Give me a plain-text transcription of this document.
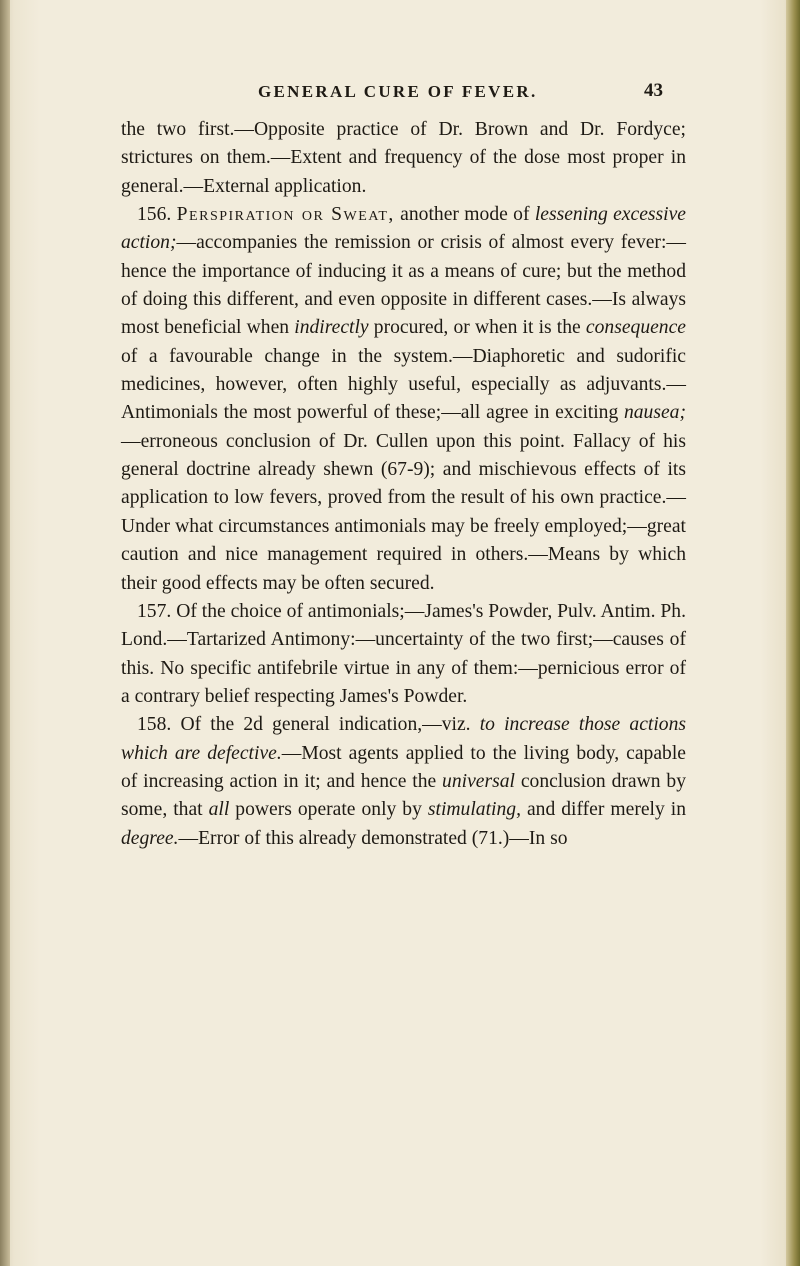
GENERAL CURE OF FEVER.	43

the two first.—Opposite practice of Dr. Brown and Dr. Fordyce; strictures on them.—Extent and frequency of the dose most proper in general.—External application.

156. Perspiration or Sweat, another mode of lessening excessive action;—accompanies the remission or crisis of almost every fever:—hence the importance of inducing it as a means of cure; but the method of doing this different, and even opposite in different cases.—Is always most beneficial when indirectly procured, or when it is the consequence of a favourable change in the system.—Diaphoretic and sudorific medicines, however, often highly useful, especially as adjuvants.—Antimonials the most powerful of these;—all agree in exciting nausea;—erroneous conclusion of Dr. Cullen upon this point. Fallacy of his general doctrine already shewn (67-9); and mischievous effects of its application to low fevers, proved from the result of his own practice.—Under what circumstances antimonials may be freely employed;—great caution and nice management required in others.—Means by which their good effects may be often secured.

157. Of the choice of antimonials;—James's Powder, Pulv. Antim. Ph. Lond.—Tartarized Antimony:—uncertainty of the two first;—causes of this. No specific antifebrile virtue in any of them:—pernicious error of a contrary belief respecting James's Powder.

158. Of the 2d general indication,—viz. to increase those actions which are defective.—Most agents applied to the living body, capable of increasing action in it; and hence the universal conclusion drawn by some, that all powers operate only by stimulating, and differ merely in degree.—Error of this already demonstrated (71.)—In so
